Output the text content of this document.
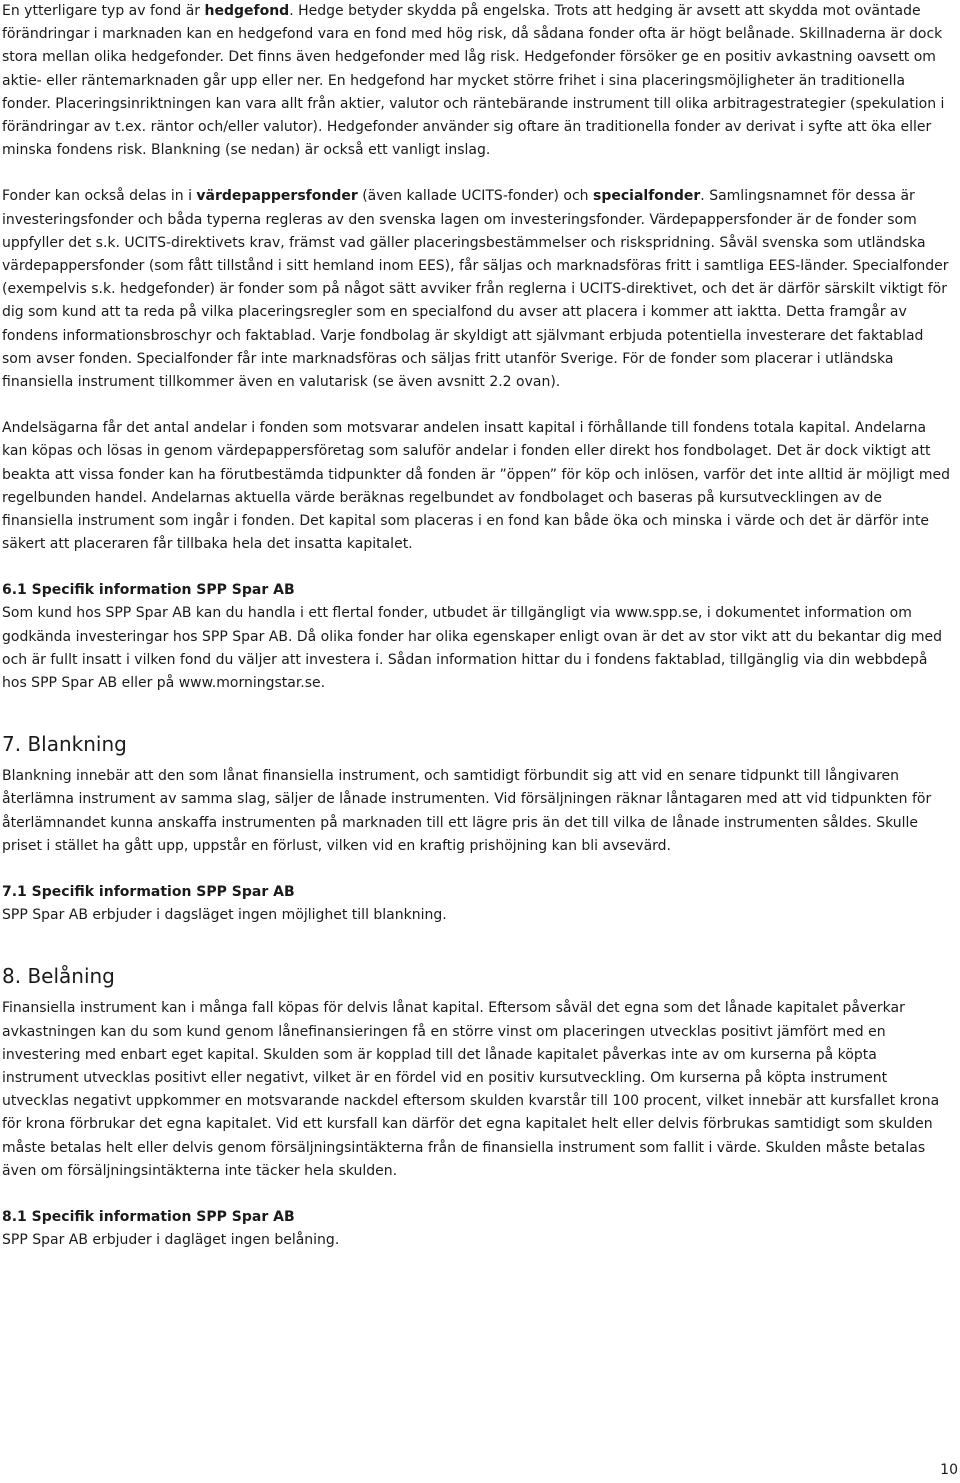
En ytterligare typ av fond är hedgefond. Hedge betyder skydda på engelska. Trots att hedging är avsett att skydda mot oväntade förändringar i marknaden kan en hedgefond vara en fond med hög risk, då sådana fonder ofta är högt belånade. Skillnaderna är dock stora mellan olika hedgefonder. Det finns även hedgefonder med låg risk. Hedgefonder försöker ge en positiv avkastning oavsett om aktie- eller räntemarknaden går upp eller ner. En hedgefond har mycket större frihet i sina placeringsmöjligheter än traditionella fonder. Placeringsinriktningen kan vara allt från aktier, valutor och räntebärande instrument till olika arbitragestrategier (spekulation i förändringar av t.ex. räntor och/eller valutor). Hedgefonder använder sig oftare än traditionella fonder av derivat i syfte att öka eller minska fondens risk. Blankning (se nedan) är också ett vanligt inslag.

Fonder kan också delas in i värdepappersfonder (även kallade UCITS-fonder) och specialfonder. Samlingsnamnet för dessa är investeringsfonder och båda typerna regleras av den svenska lagen om investeringsfonder. Värdepappersfonder är de fonder som uppfyller det s.k. UCITS-direktivets krav, främst vad gäller placeringsbestämmelser och riskspridning. Såväl svenska som utländska värdepappersfonder (som fått tillstånd i sitt hemland inom EES), får säljas och marknadsföras fritt i samtliga EES-länder. Specialfonder (exempelvis s.k. hedgefonder) är fonder som på något sätt avviker från reglerna i UCITS-direktivet, och det är därför särskilt viktigt för dig som kund att ta reda på vilka placeringsregler som en specialfond du avser att placera i kommer att iaktta. Detta framgår av fondens informationsbroschyr och faktablad. Varje fondbolag är skyldigt att självmant erbjuda potentiella investerare det faktablad som avser fonden. Specialfonder får inte marknadsföras och säljas fritt utanför Sverige. För de fonder som placerar i utländska finansiella instrument tillkommer även en valutarisk (se även avsnitt 2.2 ovan).

Andelsägarna får det antal andelar i fonden som motsvarar andelen insatt kapital i förhållande till fondens totala kapital. Andelarna kan köpas och lösas in genom värdepappersföretag som saluför andelar i fonden eller direkt hos fondbolaget. Det är dock viktigt att beakta att vissa fonder kan ha förutbestämda tidpunkter då fonden är ”öppen” för köp och inlösen, varför det inte alltid är möjligt med regelbunden handel. Andelarnas aktuella värde beräknas regelbundet av fondbolaget och baseras på kursutvecklingen av de finansiella instrument som ingår i fonden. Det kapital som placeras i en fond kan både öka och minska i värde och det är därför inte säkert att placeraren får tillbaka hela det insatta kapitalet.

6.1 Specifik information SPP Spar AB

Som kund hos SPP Spar AB kan du handla i ett flertal fonder, utbudet är tillgängligt via www.spp.se, i dokumentet information om godkända investeringar hos SPP Spar AB. Då olika fonder har olika egenskaper enligt ovan är det av stor vikt att du bekantar dig med och är fullt insatt i vilken fond du väljer att investera i. Sådan information hittar du i fondens faktablad, tillgänglig via din webbdepå hos SPP Spar AB eller på www.morningstar.se.

7. Blankning

Blankning innebär att den som lånat finansiella instrument, och samtidigt förbundit sig att vid en senare tidpunkt till långivaren återlämna instrument av samma slag, säljer de lånade instrumenten. Vid försäljningen räknar låntagaren med att vid tidpunkten för återlämnandet kunna anskaffa instrumenten på marknaden till ett lägre pris än det till vilka de lånade instrumenten såldes. Skulle priset i stället ha gått upp, uppstår en förlust, vilken vid en kraftig prishöjning kan bli avsevärd.

7.1 Specifik information SPP Spar AB

SPP Spar AB erbjuder i dagsläget ingen möjlighet till blankning.

8. Belåning

Finansiella instrument kan i många fall köpas för delvis lånat kapital. Eftersom såväl det egna som det lånade kapitalet påverkar avkastningen kan du som kund genom lånefinansieringen få en större vinst om placeringen utvecklas positivt jämfört med en investering med enbart eget kapital. Skulden som är kopplad till det lånade kapitalet påverkas inte av om kurserna på köpta instrument utvecklas positivt eller negativt, vilket är en fördel vid en positiv kursutveckling. Om kurserna på köpta instrument utvecklas negativt uppkommer en motsvarande nackdel eftersom skulden kvarstår till 100 procent, vilket innebär att kursfallet krona för krona förbrukar det egna kapitalet. Vid ett kursfall kan därför det egna kapitalet helt eller delvis förbrukas samtidigt som skulden måste betalas helt eller delvis genom försäljningsintäkterna från de finansiella instrument som fallit i värde. Skulden måste betalas även om försäljningsintäkterna inte täcker hela skulden.

8.1 Specifik information SPP Spar AB

SPP Spar AB erbjuder i dagläget ingen belåning.

10
